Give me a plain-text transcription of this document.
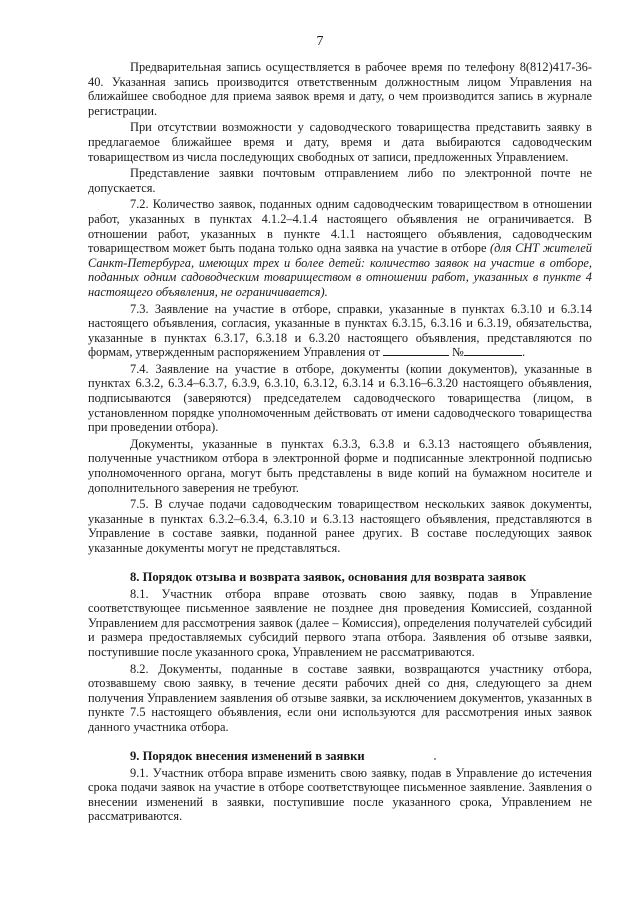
7

Предварительная запись осуществляется в рабочее время по телефону 8(812)417-36-40. Указанная запись производится ответственным должностным лицом Управления на ближайшее свободное для приема заявок время и дату, о чем производится запись в журнале регистрации.

При отсутствии возможности у садоводческого товарищества представить заявку в предлагаемое ближайшее время и дату, время и дата выбираются садоводческим товариществом из числа последующих свободных от записи, предложенных Управлением.

Представление заявки почтовым отправлением либо по электронной почте не допускается.

7.2. Количество заявок, поданных одним садоводческим товариществом в отношении работ, указанных в пунктах 4.1.2–4.1.4 настоящего объявления не ограничивается. В отношении работ, указанных в пункте 4.1.1 настоящего объявления, садоводческим товариществом может быть подана только одна заявка на участие в отборе (для СНТ жителей Санкт-Петербурга, имеющих трех и более детей: количество заявок на участие в отборе, поданных одним садоводческим товариществом в отношении работ, указанных в пункте 4 настоящего объявления, не ограничивается).

7.3. Заявление на участие в отборе, справки, указанные в пунктах 6.3.10 и 6.3.14 настоящего объявления, согласия, указанные в пунктах 6.3.15, 6.3.16 и 6.3.19, обязательства, указанные в пунктах 6.3.17, 6.3.18 и 6.3.20 настоящего объявления, представляются по формам, утвержденным распоряжением Управления от	№	.

7.4. Заявление на участие в отборе, документы (копии документов), указанные в пунктах 6.3.2, 6.3.4–6.3.7, 6.3.9, 6.3.10, 6.3.12, 6.3.14 и 6.3.16–6.3.20 настоящего объявления, подписываются (заверяются) председателем садоводческого товарищества (лицом, в установленном порядке уполномоченным действовать от имени садоводческого товарищества при проведении отбора).

Документы, указанные в пунктах 6.3.3, 6.3.8 и 6.3.13 настоящего объявления, полученные участником отбора в электронной форме и подписанные электронной подписью уполномоченного органа, могут быть представлены в виде копий на бумажном носителе и дополнительного заверения не требуют.

7.5. В случае подачи садоводческим товариществом нескольких заявок документы, указанные в пунктах 6.3.2–6.3.4, 6.3.10 и 6.3.13 настоящего объявления, представляются в Управление в составе заявки, поданной ранее других. В составе последующих заявок указанные документы могут не представляться.

8. Порядок отзыва и возврата заявок, основания для возврата заявок

8.1. Участник отбора вправе отозвать свою заявку, подав в Управление соответствующее письменное заявление не позднее дня проведения Комиссией, созданной Управлением для рассмотрения заявок (далее – Комиссия), определения получателей субсидий и размера предоставляемых субсидий первого этапа отбора. Заявления об отзыве заявки, поступившие после указанного срока, Управлением не рассматриваются.

8.2. Документы, поданные в составе заявки, возвращаются участнику отбора, отозвавшему свою заявку, в течение десяти рабочих дней со дня, следующего за днем получения Управлением заявления об отзыве заявки, за исключением документов, указанных в пункте 7.5 настоящего объявления, если они используются для рассмотрения иных заявок данного участника отбора.

9. Порядок внесения изменений в заявки

9.1. Участник отбора вправе изменить свою заявку, подав в Управление до истечения срока подачи заявок на участие в отборе соответствующее письменное заявление. Заявления о внесении изменений в заявки, поступившие после указанного срока, Управлением не рассматриваются.
